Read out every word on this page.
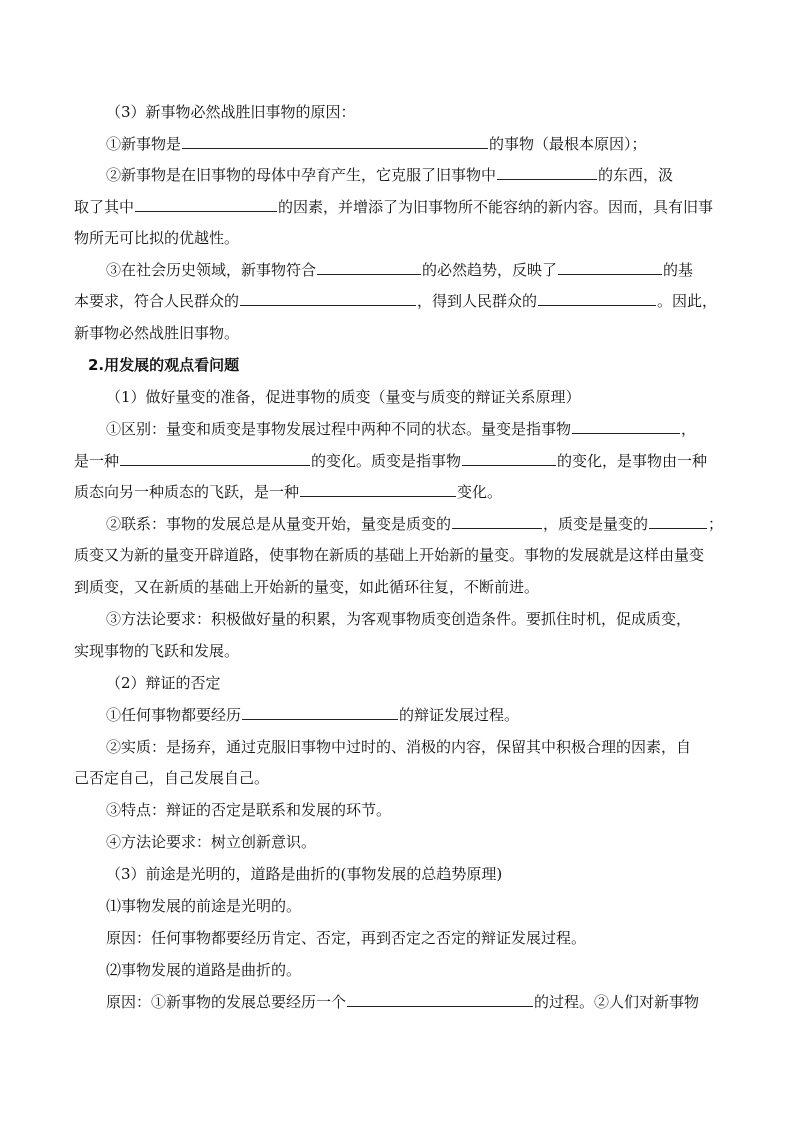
（3）新事物必然战胜旧事物的原因：
①新事物是	的事物（最根本原因）；
②新事物是在旧事物的母体中孕育产生，它克服了旧事物中	的东西，汲
取了其中	的因素，并增添了为旧事物所不能容纳的新内容。因而，具有旧事
物所无可比拟的优越性。
③在社会历史领域，新事物符合	的必然趋势，反映了	的基
本要求，符合人民群众的	，得到人民群众的	。因此，
新事物必然战胜旧事物。
2.用发展的观点看问题
（1）做好量变的准备，促进事物的质变（量变与质变的辩证关系原理）
①区别：量变和质变是事物发展过程中两种不同的状态。量变是指事物	，
是一种	的变化。质变是指事物	的变化，是事物由一种
质态向另一种质态的飞跃，是一种	变化。
②联系：事物的发展总是从量变开始，量变是质变的	，质变是量变的	；
质变又为新的量变开辟道路，使事物在新质的基础上开始新的量变。事物的发展就是这样由量变
到质变，又在新质的基础上开始新的量变，如此循环往复，不断前进。
③方法论要求：积极做好量的积累，为客观事物质变创造条件。要抓住时机，促成质变，
实现事物的飞跃和发展。
（2）辩证的否定
①任何事物都要经历	的辩证发展过程。
②实质：是扬弃，通过克服旧事物中过时的、消极的内容，保留其中积极合理的因素，自
己否定自己，自己发展自己。
③特点：辩证的否定是联系和发展的环节。
④方法论要求：树立创新意识。
（3）前途是光明的，道路是曲折的(事物发展的总趋势原理)
⑴事物发展的前途是光明的。
原因：任何事物都要经历肯定、否定，再到否定之否定的辩证发展过程。
⑵事物发展的道路是曲折的。
原因：①新事物的发展总要经历一个	的过程。②人们对新事物
